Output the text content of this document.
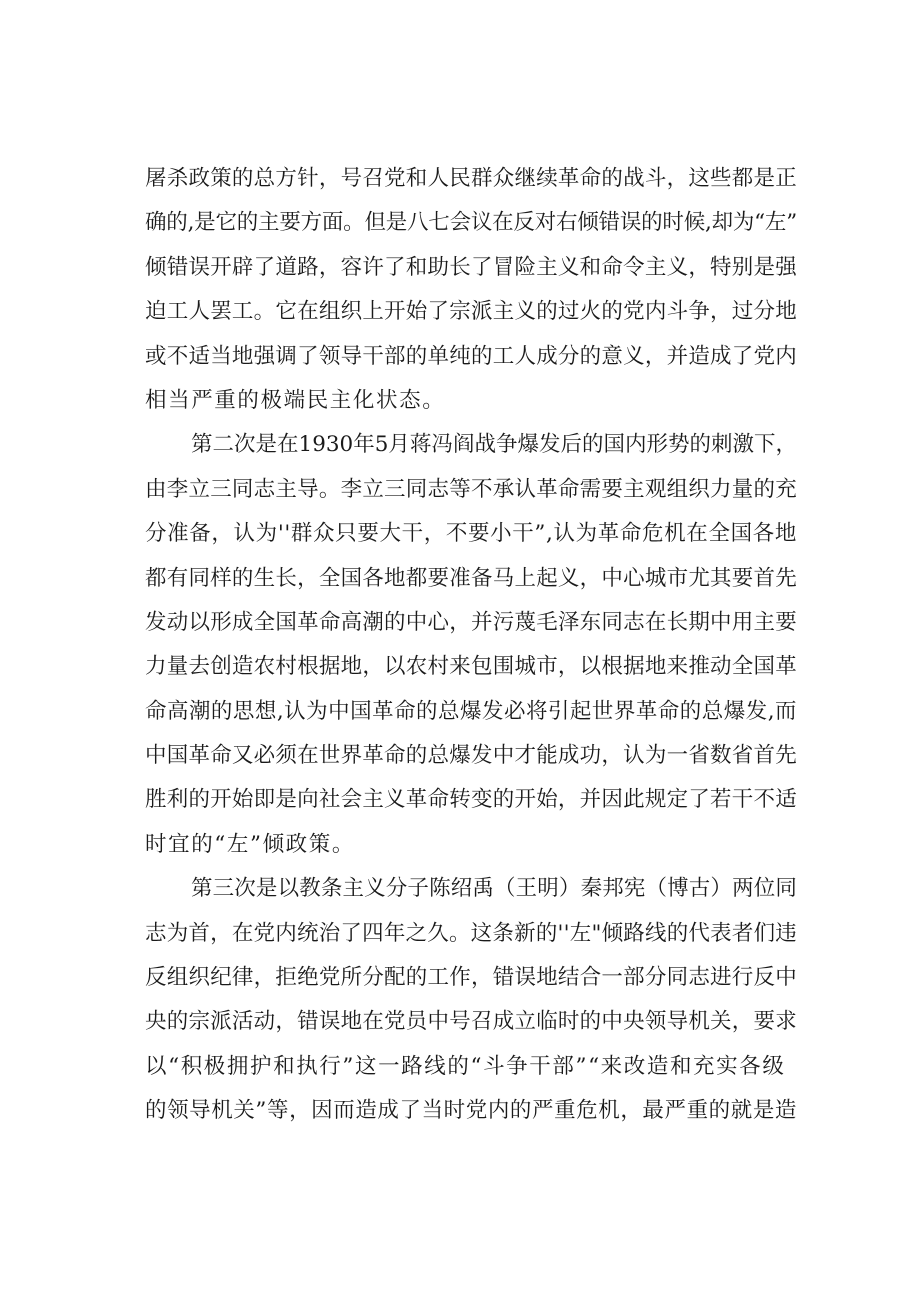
屠杀政策的总方针，号召党和人民群众继续革命的战斗，这些都是正
确的,是它的主要方面。但是八七会议在反对右倾错误的时候,却为“左”
倾错误开辟了道路，容许了和助长了冒险主义和命令主义，特别是强
迫工人罢工。它在组织上开始了宗派主义的过火的党内斗争，过分地
或不适当地强调了领导干部的单纯的工人成分的意义，并造成了党内
相当严重的极端民主化状态。

第二次是在1930年5月蒋冯阎战争爆发后的国内形势的刺激下，
由李立三同志主导。李立三同志等不承认革命需要主观组织力量的充
分准备，认为''群众只要大干，不要小干”,认为革命危机在全国各地
都有同样的生长，全国各地都要准备马上起义，中心城市尤其要首先
发动以形成全国革命高潮的中心，并污蔑毛泽东同志在长期中用主要
力量去创造农村根据地，以农村来包围城市，以根据地来推动全国革
命高潮的思想,认为中国革命的总爆发必将引起世界革命的总爆发,而
中国革命又必须在世界革命的总爆发中才能成功，认为一省数省首先
胜利的开始即是向社会主义革命转变的开始，并因此规定了若干不适
时宜的“左”倾政策。

第三次是以教条主义分子陈绍禹（王明）秦邦宪（博古）两位同
志为首，在党内统治了四年之久。这条新的''左"倾路线的代表者们违
反组织纪律，拒绝党所分配的工作，错误地结合一部分同志进行反中
央的宗派活动，错误地在党员中号召成立临时的中央领导机关，要求
以“积极拥护和执行”这一路线的“斗争干部”“来改造和充实各级
的领导机关”等，因而造成了当时党内的严重危机，最严重的就是造
